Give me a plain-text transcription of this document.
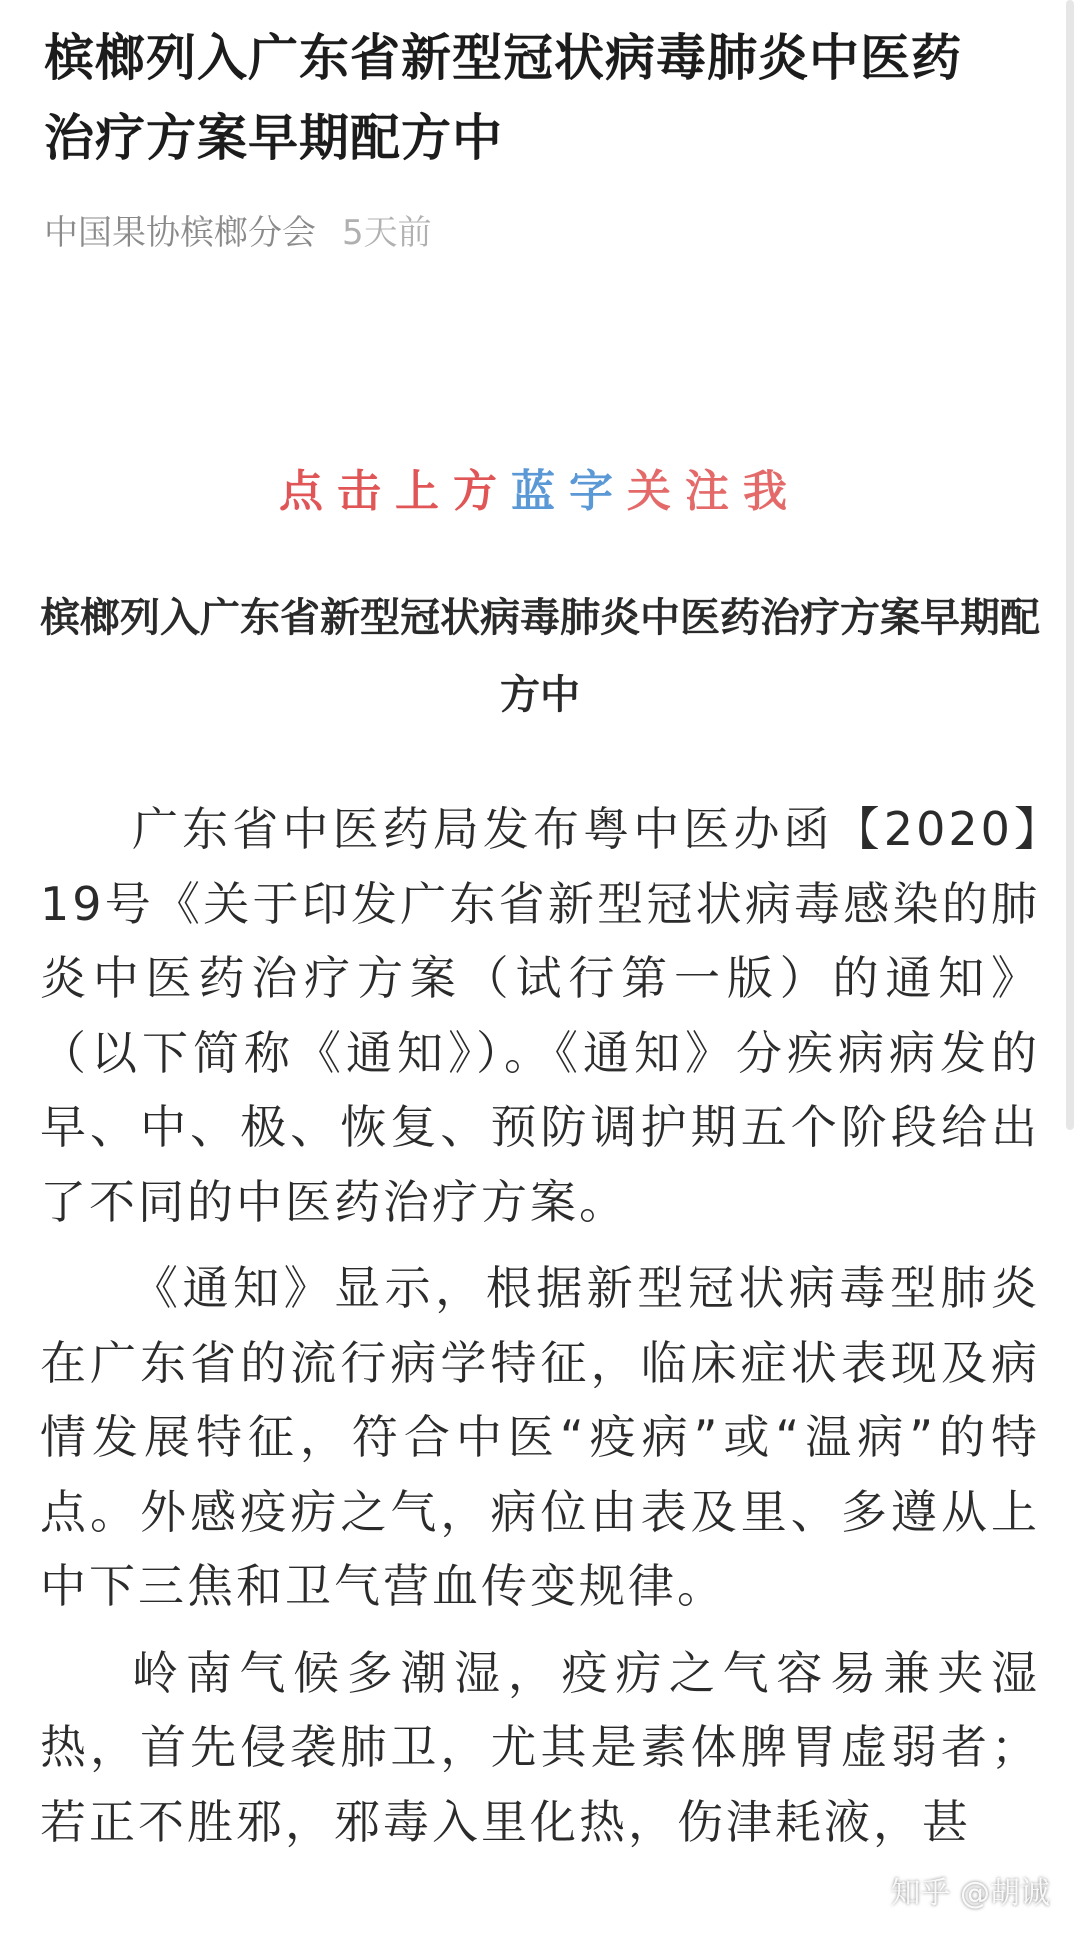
槟榔列入广东省新型冠状病毒肺炎中医药治疗方案早期配方中
中国果协槟榔分会 5天前
点击上方蓝字关注我
槟榔列入广东省新型冠状病毒肺炎中医药治疗方案早期配方中

广东省中医药局发布粤中医办函【2020】19号《关于印发广东省新型冠状病毒感染的肺炎中医药治疗方案（试行第一版）的通知》（以下简称《通知》）。《通知》分疾病病发的早、中、极、恢复、预防调护期五个阶段给出了不同的中医药治疗方案。

《通知》显示，根据新型冠状病毒型肺炎在广东省的流行病学特征，临床症状表现及病情发展特征，符合中医“疫病”或“温病”的特点。外感疫疠之气，病位由表及里、多遵从上中下三焦和卫气营血传变规律。

岭南气候多潮湿，疫疠之气容易兼夹湿热，首先侵袭肺卫，尤其是素体脾胃虚弱者；若正不胜邪，邪毒入里化热，伤津耗液，甚

知乎 @胡诚
